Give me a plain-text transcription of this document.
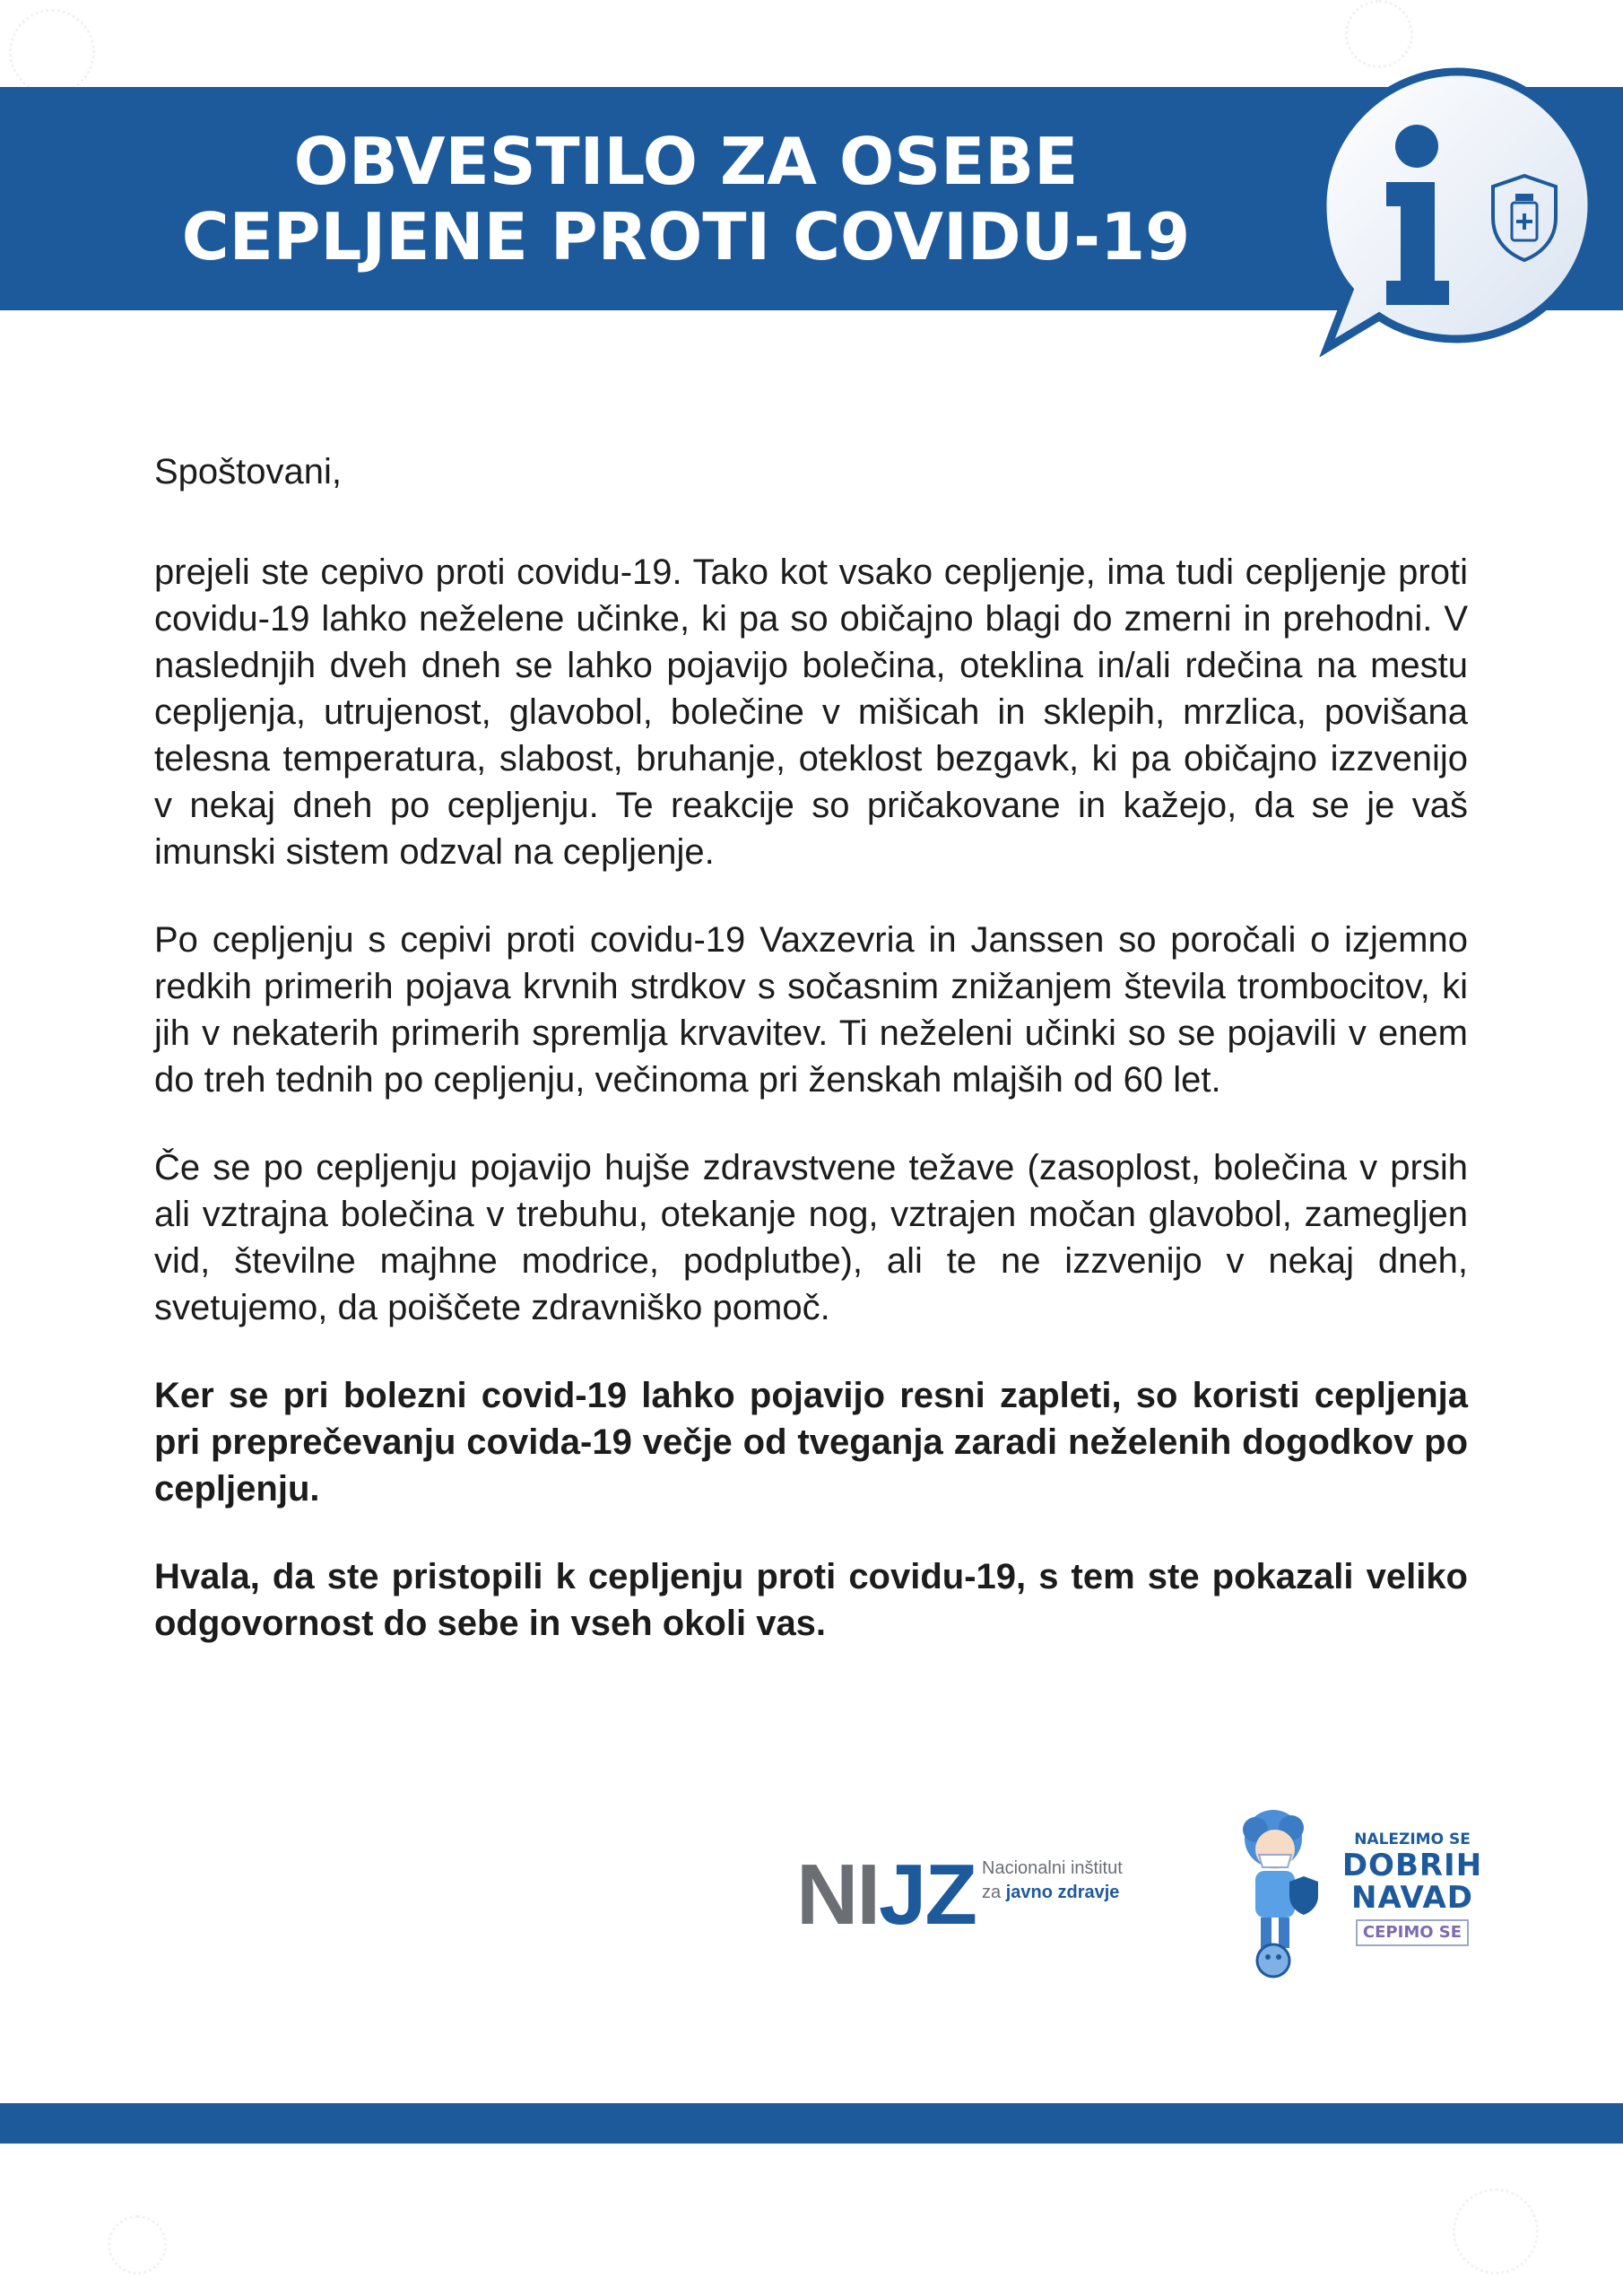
OBVESTILO ZA OSEBE
CEPLJENE PROTI COVIDU-19

Spoštovani,

prejeli ste cepivo proti covidu-19. Tako kot vsako cepljenje, ima tudi cepljenje proti covidu-19 lahko neželene učinke, ki pa so običajno blagi do zmerni in prehodni. V naslednjih dveh dneh se lahko pojavijo bolečina, oteklina in/ali rdečina na mestu cepljenja, utrujenost, glavobol, bolečine v mišicah in sklepih, mrzlica, povišana telesna temperatura, slabost, bruhanje, oteklost bezgavk, ki pa običajno izzvenijo v nekaj dneh po cepljenju. Te reakcije so pričakovane in kažejo, da se je vaš imunski sistem odzval na cepljenje.

Po cepljenju s cepivi proti covidu-19 Vaxzevria in Janssen so poročali o izjemno redkih primerih pojava krvnih strdkov s sočasnim znižanjem števila trombocitov, ki jih v nekaterih primerih spremlja krvavitev. Ti neželeni učinki so se pojavili v enem do treh tednih po cepljenju, večinoma pri ženskah mlajših od 60 let.

Če se po cepljenju pojavijo hujše zdravstvene težave (zasoplost, bolečina v prsih ali vztrajna bolečina v trebuhu, otekanje nog, vztrajen močan glavobol, zamegljen vid, številne majhne modrice, podplutbe), ali te ne izzvenijo v nekaj dneh, svetujemo, da poiščete zdravniško pomoč.

Ker se pri bolezni covid-19 lahko pojavijo resni zapleti, so koristi cepljenja pri preprečevanju covida-19 večje od tveganja zaradi neželenih dogodkov po cepljenju.

Hvala, da ste pristopili k cepljenju proti covidu-19, s tem ste pokazali veliko odgovornost do sebe in vseh okoli vas.

NI JZ Nacionalni inštitut
za javno zdravje
NALEZIMO SE
DOBRIH
NAVAD
CEPIMO SE
